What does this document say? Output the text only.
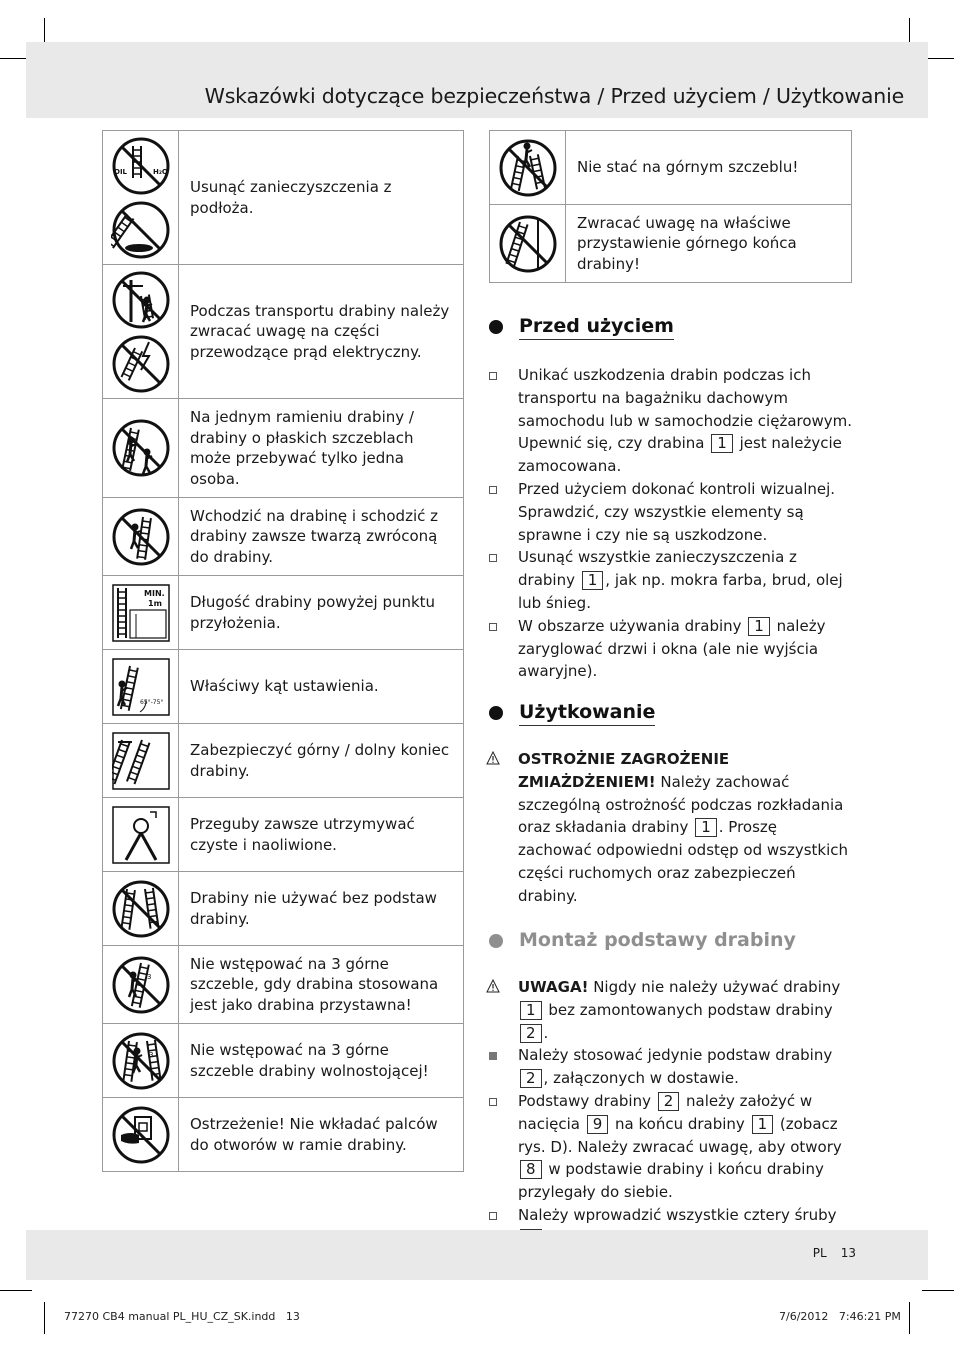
Wskazówki dotyczące bezpieczeństwa / Przed użyciem / Użytkowanie
OIL H₂O	Usunąć zanieczyszczenia z podłoża.

	Podczas transportu drabiny należy zwracać uwagę na części przewodzące prąd elektryczny.

	Na jednym ramieniu drabiny / drabiny o płaskich szczeblach może przebywać tylko jedna osoba.

	Wchodzić na drabinę i schodzić z drabiny zawsze twarzą zwróconą do drabiny.

MIN.
1m	Długość drabiny powyżej punktu przyłożenia.

65°-75°	Właściwy kąt ustawienia.

	Zabezpieczyć górny / dolny koniec drabiny.

	Przeguby zawsze utrzymywać czyste i naoliwione.

	Drabiny nie używać bez podstaw drabiny.

3	Nie wstępować na 3 górne szczeble, gdy drabina stosowana jest jako drabina przystawna!

3	Nie wstępować na 3 górne szczeble drabiny wolnostojącej!

	Ostrzeżenie! Nie wkładać palców do otworów w ramie drabiny.
	Nie stać na górnym szczeblu!

	Zwracać uwagę na właściwe przystawienie górnego końca drabiny!
Przed użyciem
Unikać uszkodzenia drabin podczas ich transportu na bagażniku dachowym samochodu lub w samochodzie ciężarowym. Upewnić się, czy drabina 1 jest należycie zamocowana.
Przed użyciem dokonać kontroli wizualnej. Sprawdzić, czy wszystkie elementy są sprawne i czy nie są uszkodzone.
Usunąć wszystkie zanieczyszczenia z drabiny 1 , jak np. mokra farba, brud, olej lub śnieg.
W obszarze używania drabiny 1 należy zaryglować drzwi i okna (ale nie wyjścia awaryjne).
Użytkowanie
OSTROŻNIE ZAGROŻENIE ZMIAŻDŻENIEM! Należy zachować szczególną ostrożność podczas rozkładania oraz składania drabiny 1 . Proszę zachować odpowiedni odstęp od wszystkich części ruchomych oraz zabezpieczeń drabiny.
Montaż podstawy drabiny
UWAGA! Nigdy nie należy używać drabiny 1 bez zamontowanych podstaw drabiny 2 .
Należy stosować jedynie podstaw drabiny 2 , załączonych w dostawie.
Podstawy drabiny 2 należy założyć w nacięcia 9 na końcu drabiny 1 (zobacz rys. D). Należy zwracać uwagę, aby otwory 8 w podstawie drabiny i końcu drabiny przylegały do siebie.
Należy wprowadzić wszystkie cztery śruby
PL 13
77270 CB4 manual PL_HU_CZ_SK.indd   13	7/6/2012   7:46:21 PM
